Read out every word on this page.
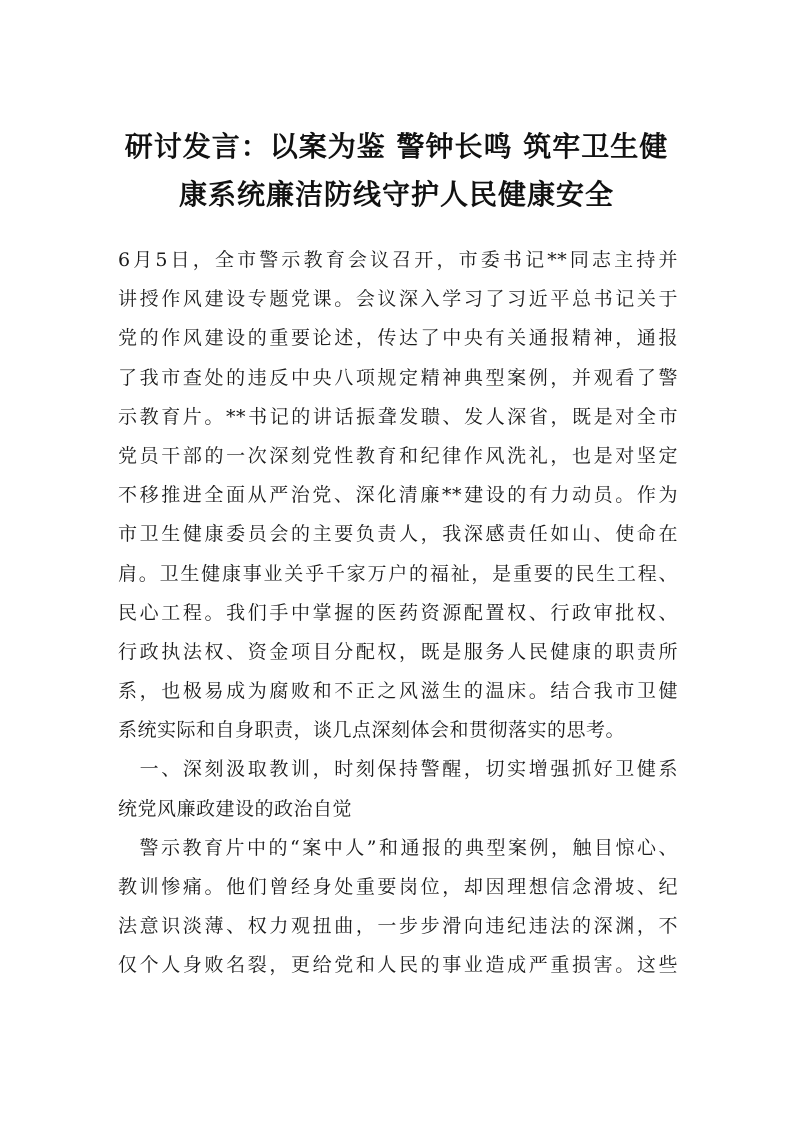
研讨发言：以案为鉴 警钟长鸣 筑牢卫生健
康系统廉洁防线守护人民健康安全
6月5日，全市警示教育会议召开，市委书记**同志主持并
讲授作风建设专题党课。会议深入学习了习近平总书记关于
党的作风建设的重要论述，传达了中央有关通报精神，通报
了我市查处的违反中央八项规定精神典型案例，并观看了警
示教育片。**书记的讲话振聋发聩、发人深省，既是对全市
党员干部的一次深刻党性教育和纪律作风洗礼，也是对坚定
不移推进全面从严治党、深化清廉**建设的有力动员。作为
市卫生健康委员会的主要负责人，我深感责任如山、使命在
肩。卫生健康事业关乎千家万户的福祉，是重要的民生工程、
民心工程。我们手中掌握的医药资源配置权、行政审批权、
行政执法权、资金项目分配权，既是服务人民健康的职责所
系，也极易成为腐败和不正之风滋生的温床。结合我市卫健
系统实际和自身职责，谈几点深刻体会和贯彻落实的思考。
　一、深刻汲取教训，时刻保持警醒，切实增强抓好卫健系
统党风廉政建设的政治自觉
　警示教育片中的“案中人”和通报的典型案例，触目惊心、
教训惨痛。他们曾经身处重要岗位，却因理想信念滑坡、纪
法意识淡薄、权力观扭曲，一步步滑向违纪违法的深渊，不
仅个人身败名裂，更给党和人民的事业造成严重损害。这些
